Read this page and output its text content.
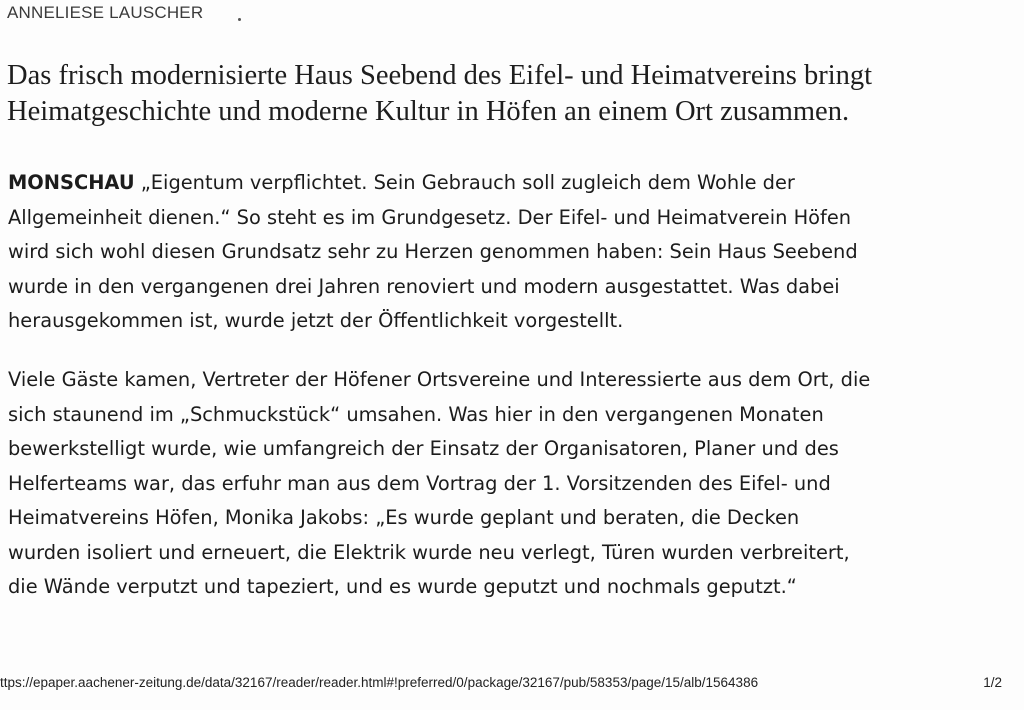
ANNELIESE LAUSCHER
Das frisch modernisierte Haus Seebend des Eifel- und Heimatvereins bringt
Heimatgeschichte und moderne Kultur in Höfen an einem Ort zusammen.
MONSCHAU „Eigentum verpflichtet. Sein Gebrauch soll zugleich dem Wohle der
Allgemeinheit dienen.“ So steht es im Grundgesetz. Der Eifel- und Heimatverein Höfen
wird sich wohl diesen Grundsatz sehr zu Herzen genommen haben: Sein Haus Seebend
wurde in den vergangenen drei Jahren renoviert und modern ausgestattet. Was dabei
herausgekommen ist, wurde jetzt der Öffentlichkeit vorgestellt.
Viele Gäste kamen, Vertreter der Höfener Ortsvereine und Interessierte aus dem Ort, die
sich staunend im „Schmuckstück“ umsahen. Was hier in den vergangenen Monaten
bewerkstelligt wurde, wie umfangreich der Einsatz der Organisatoren, Planer und des
Helferteams war, das erfuhr man aus dem Vortrag der 1. Vorsitzenden des Eifel- und
Heimatvereins Höfen, Monika Jakobs: „Es wurde geplant und beraten, die Decken
wurden isoliert und erneuert, die Elektrik wurde neu verlegt, Türen wurden verbreitert,
die Wände verputzt und tapeziert, und es wurde geputzt und nochmals geputzt.“
ttps://epaper.aachener-zeitung.de/data/32167/reader/reader.html#!preferred/0/package/32167/pub/58353/page/15/alb/1564386	1/2
